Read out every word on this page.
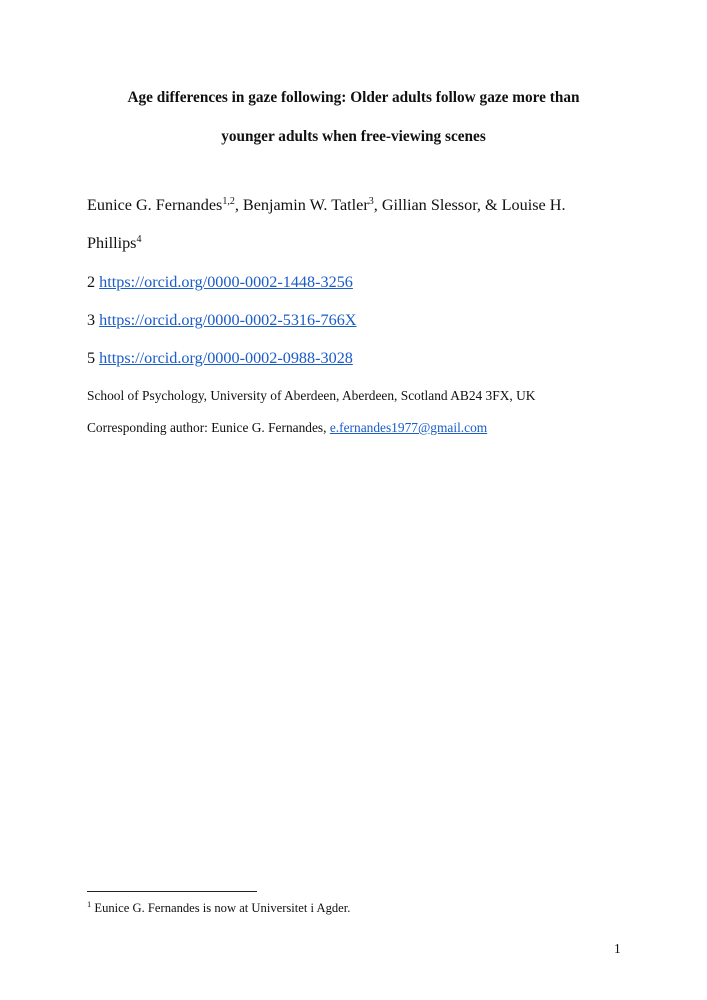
Age differences in gaze following: Older adults follow gaze more than
younger adults when free-viewing scenes
Eunice G. Fernandes$^{1,2}$, Benjamin W. Tatler$^3$, Gillian Slessor, & Louise H.
Phillips$^4$
2 https://orcid.org/0000-0002-1448-3256
3 https://orcid.org/0000-0002-5316-766X
5 https://orcid.org/0000-0002-0988-3028
School of Psychology, University of Aberdeen, Aberdeen, Scotland AB24 3FX, UK
Corresponding author: Eunice G. Fernandes, e.fernandes1977@gmail.com
$^1$ Eunice G. Fernandes is now at Universitet i Agder.
1
